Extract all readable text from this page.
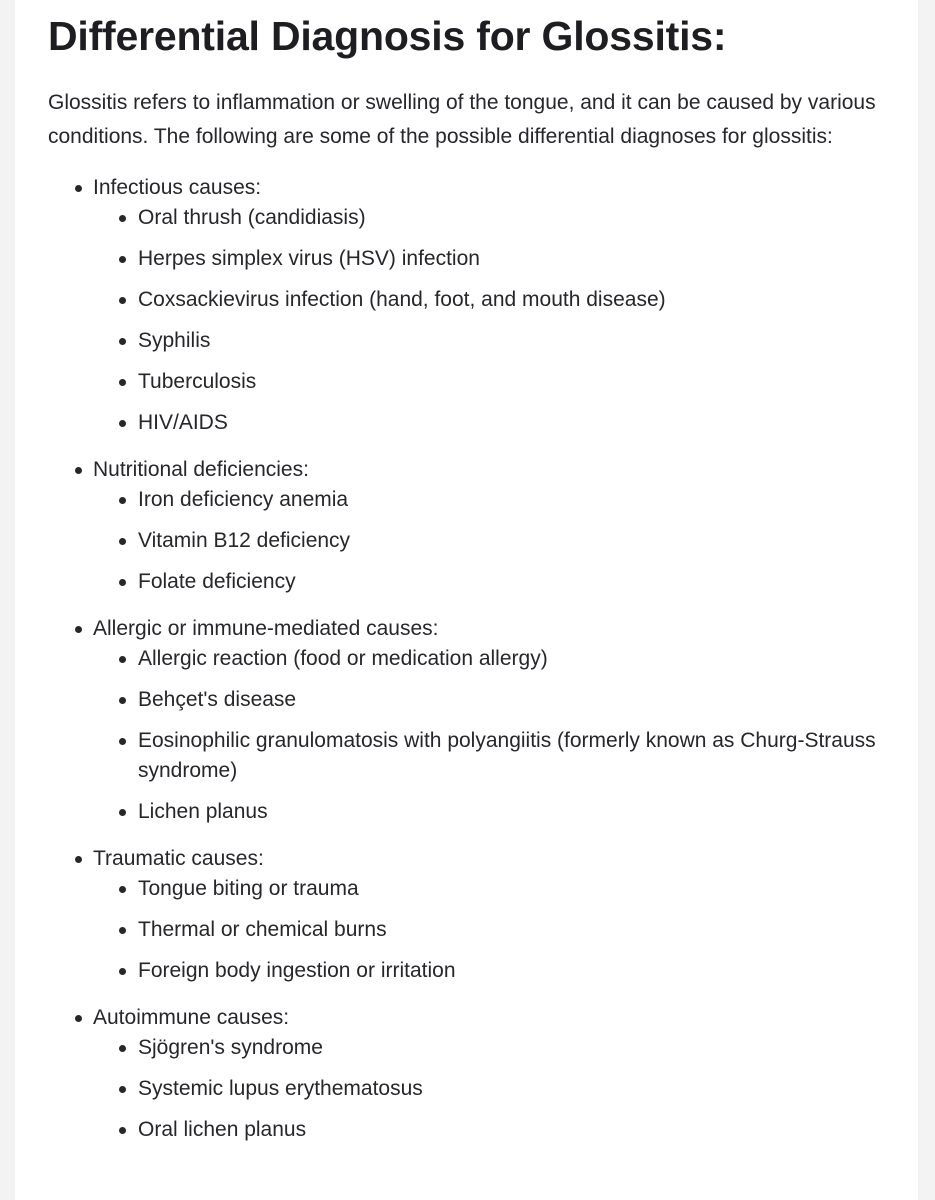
Differential Diagnosis for Glossitis:

Glossitis refers to inflammation or swelling of the tongue, and it can be caused by various conditions. The following are some of the possible differential diagnoses for glossitis:

Infectious causes:
Oral thrush (candidiasis)
Herpes simplex virus (HSV) infection
Coxsackievirus infection (hand, foot, and mouth disease)
Syphilis
Tuberculosis
HIV/AIDS
Nutritional deficiencies:
Iron deficiency anemia
Vitamin B12 deficiency
Folate deficiency
Allergic or immune-mediated causes:
Allergic reaction (food or medication allergy)
Behçet's disease
Eosinophilic granulomatosis with polyangiitis (formerly known as Churg-Strauss syndrome)
Lichen planus
Traumatic causes:
Tongue biting or trauma
Thermal or chemical burns
Foreign body ingestion or irritation
Autoimmune causes:
Sjögren's syndrome
Systemic lupus erythematosus
Oral lichen planus
